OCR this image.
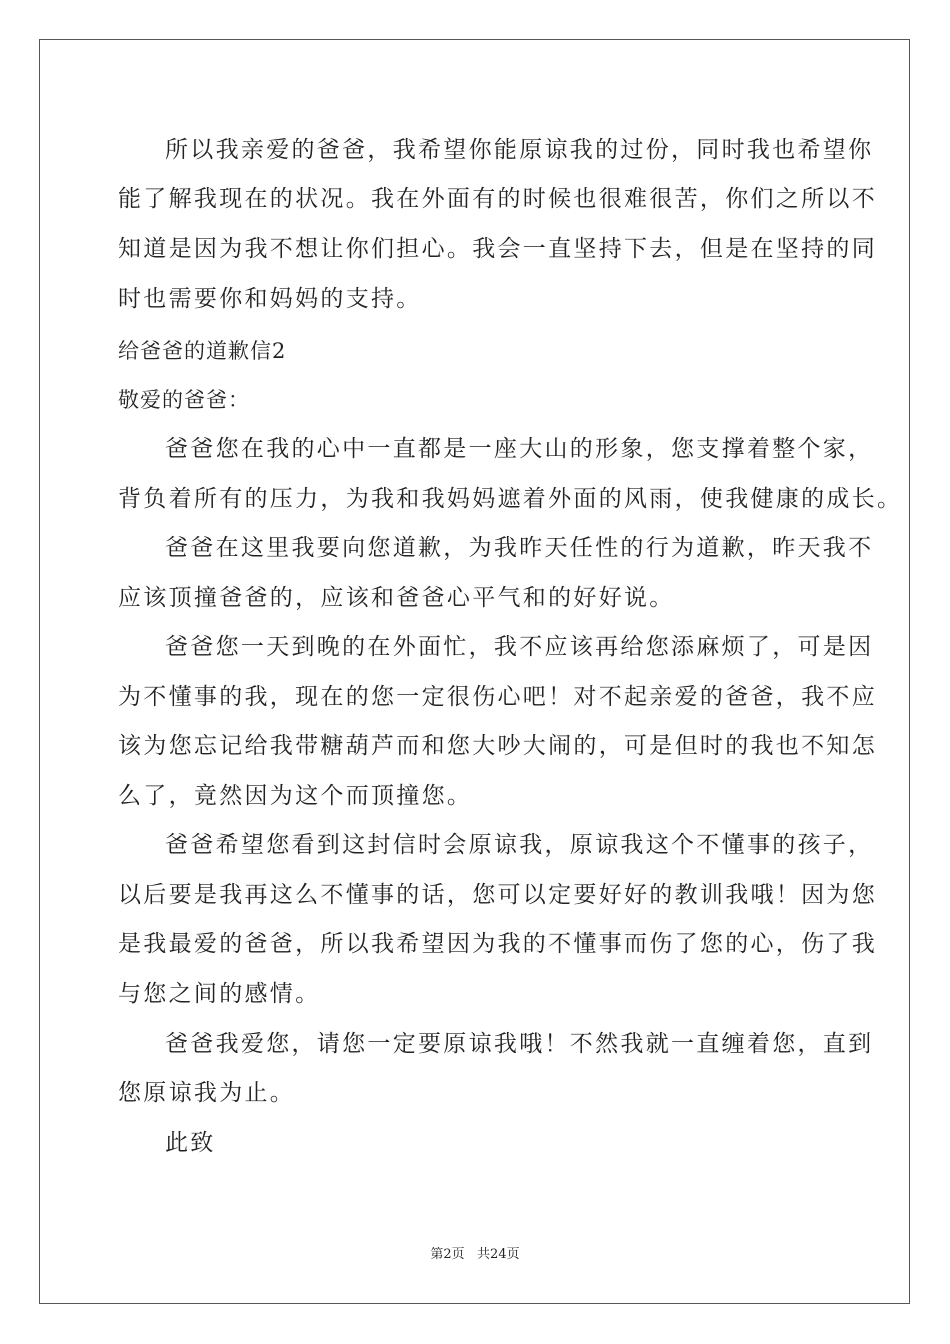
所以我亲爱的爸爸，我希望你能原谅我的过份，同时我也希望你
能了解我现在的状况。我在外面有的时候也很难很苦，你们之所以不
知道是因为我不想让你们担心。我会一直坚持下去，但是在坚持的同
时也需要你和妈妈的支持。
给爸爸的道歉信2
敬爱的爸爸：
爸爸您在我的心中一直都是一座大山的形象，您支撑着整个家，
背负着所有的压力，为我和我妈妈遮着外面的风雨，使我健康的成长。
爸爸在这里我要向您道歉，为我昨天任性的行为道歉，昨天我不
应该顶撞爸爸的，应该和爸爸心平气和的好好说。
爸爸您一天到晚的在外面忙，我不应该再给您添麻烦了，可是因
为不懂事的我，现在的您一定很伤心吧！对不起亲爱的爸爸，我不应
该为您忘记给我带糖葫芦而和您大吵大闹的，可是但时的我也不知怎
么了，竟然因为这个而顶撞您。
爸爸希望您看到这封信时会原谅我，原谅我这个不懂事的孩子，
以后要是我再这么不懂事的话，您可以定要好好的教训我哦！因为您
是我最爱的爸爸，所以我希望因为我的不懂事而伤了您的心，伤了我
与您之间的感情。
爸爸我爱您，请您一定要原谅我哦！不然我就一直缠着您，直到
您原谅我为止。
此致
第2页   共24页
